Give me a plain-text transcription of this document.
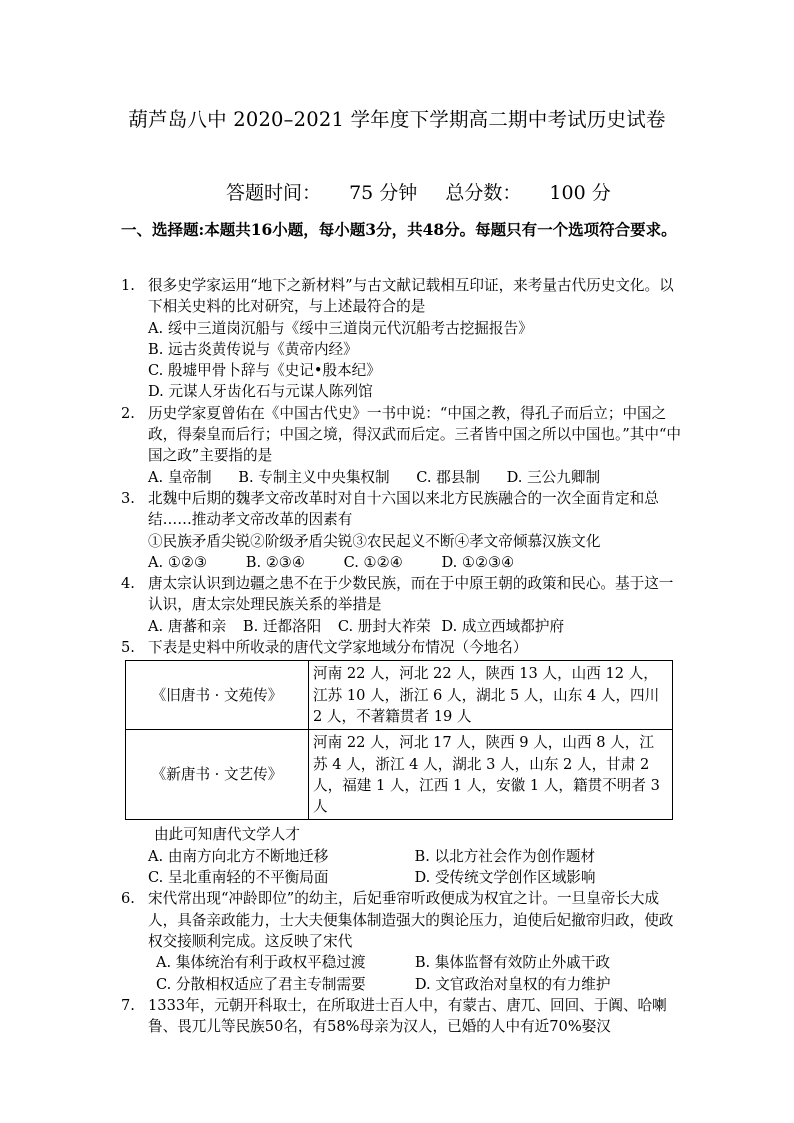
葫芦岛八中 2020–2021 学年度下学期高二期中考试历史试卷
答题时间： 75 分钟 总分数： 100 分
一、选择题:本题共16小题，每小题3分，共48分。每题只有一个选项符合要求。
1. 很多史学家运用“地下之新材料”与古文献记载相互印证，来考量古代历史文化。以下相关史料的比对研究，与上述最符合的是
A. 绥中三道岗沉船与《绥中三道岗元代沉船考古挖掘报告》
B. 远古炎黄传说与《黄帝内经》
C. 殷墟甲骨卜辞与《史记•殷本纪》
D. 元谋人牙齿化石与元谋人陈列馆
2. 历史学家夏曾佑在《中国古代史》一书中说：“中国之教，得孔子而后立；中国之政，得秦皇而后行；中国之境，得汉武而后定。三者皆中国之所以中国也。”其中“中国之政”主要指的是
A. 皇帝制 B. 专制主义中央集权制 C. 郡县制 D. 三公九卿制
3. 北魏中后期的魏孝文帝改革时对自十六国以来北方民族融合的一次全面肯定和总结……推动孝文帝改革的因素有
①民族矛盾尖锐②阶级矛盾尖锐③农民起义不断④孝文帝倾慕汉族文化
A. ①②③	B. ②③④	C. ①②④	D. ①②③④
4. 唐太宗认识到边疆之患不在于少数民族，而在于中原王朝的政策和民心。基于这一认识，唐太宗处理民族关系的举措是
A. 唐蕃和亲 B. 迁都洛阳 C. 册封大祚荣 D. 成立西域都护府
5. 下表是史料中所收录的唐代文学家地域分布情况（今地名）
《旧唐书 · 文苑传》	河南 22 人，河北 22 人，陕西 13 人，山西 12 人，江苏 10 人，浙江 6 人，湖北 5 人，山东 4 人，四川 2 人，不著籍贯者 19 人
《新唐书 · 文艺传》	河南 22 人，河北 17 人，陕西 9 人，山西 8 人，江苏 4 人，浙江 4 人，湖北 3 人，山东 2 人，甘肃 2 人，福建 1 人，江西 1 人，安徽 1 人，籍贯不明者 3 人
由此可知唐代文学人才
A. 由南方向北方不断地迁移	B. 以北方社会作为创作题材
C. 呈北重南轻的不平衡局面	D. 受传统文学创作区域影响
6. 宋代常出现“冲龄即位”的幼主，后妃垂帘听政便成为权宜之计。一旦皇帝长大成人，具备亲政能力，士大夫便集体制造强大的舆论压力，迫使后妃撤帘归政，使政权交接顺利完成。这反映了宋代
A. 集体统治有利于政权平稳过渡	B. 集体监督有效防止外戚干政
C. 分散相权适应了君主专制需要	D. 文官政治对皇权的有力维护
7. 1333年，元朝开科取士，在所取进士百人中，有蒙古、唐兀、回回、于阗、哈喇鲁、畏兀儿等民族50名，有58%母亲为汉人，已婚的人中有近70%娶汉
